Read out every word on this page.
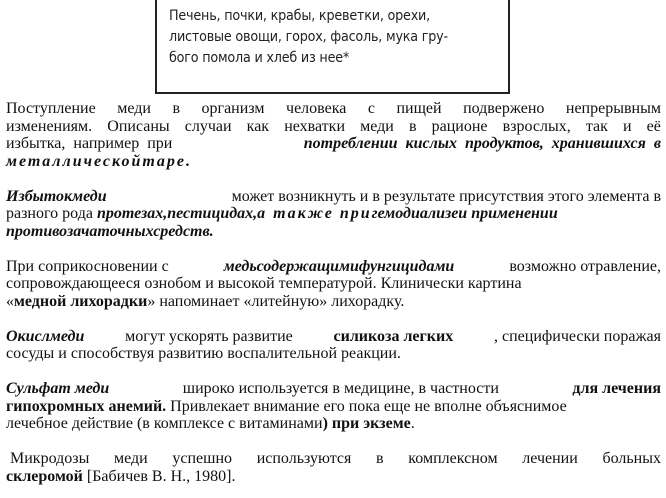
Печень, почки, крабы, креветки, орехи,
листовые овощи, горох, фасоль, мука гру-
бого помола и хлеб из нее*
Поступление меди в организм человека с пищей подвержено непрерывным
изменениям. Описаны случаи как нехватки меди в рационе взрослых, так и её
избытка,  например  при	потреблении  кислых  продуктов,  хранившихся  в
металлическойтаре.
Избытокмеди	может возникнуть и в результате присутствия этого элемента в
разного рода протезах,пестицидах,а также пригемодиализеи применении
противозачаточныхсредств.
При соприкосновении с	медьсодержащимифунгицидами	возможно отравление,
сопровождающееся ознобом и высокой температурой. Клинически картина
«медной лихорадки» напоминает «литейную» лихорадку.
Окислмеди	могут ускорять развитие	силикоза легких	, специфически поражая
сосуды и способствуя развитию воспалительной реакции.
Сульфат меди	широко используется в медицине, в частности	для лечения
гипохромных анемий. Привлекает внимание его пока еще не вполне объяснимое
лечебное действие (в комплексе с витаминами) при экземе.
Микродозы меди успешно используются в комплексном лечении больных
склеромой [Бабичев В. Н., 1980].
